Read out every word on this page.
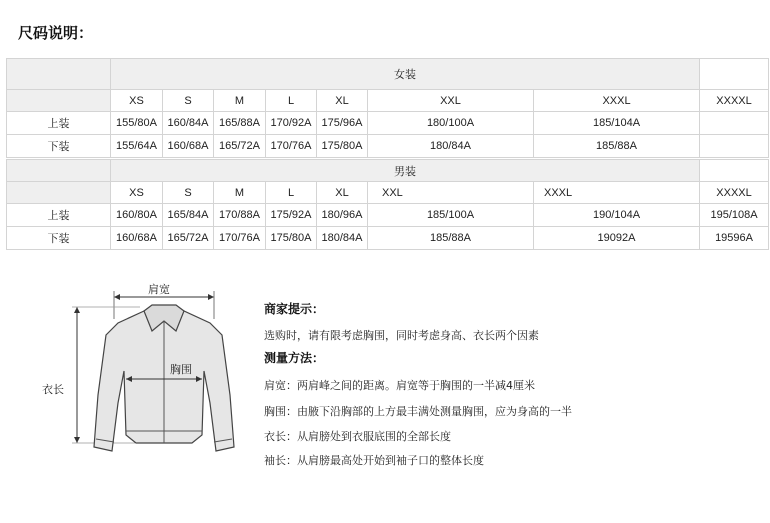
尺码说明：
	女装							
	XS	S	M	L	XL	XXL	XXXL	XXXXL
上装	155/80A	160/84A	165/88A	170/92A	175/96A	180/100A	185/104A	
下装	155/64A	160/68A	165/72A	170/76A	175/80A	180/84A	185/88A	
	男装							
	XS	S	M	L	XL	XXL	XXXL	XXXXL
上装	160/80A	165/84A	170/88A	175/92A	180/96A	185/100A	190/104A	195/108A
下装	160/68A	165/72A	170/76A	175/80A	180/84A	185/88A	19092A	19596A
肩宽
胸围
衣长
商家提示：
选购时，请有限考虑胸围，同时考虑身高、衣长两个因素
测量方法：
肩宽：两肩峰之间的距离。肩宽等于胸围的一半减4厘米
胸围：由腋下沿胸部的上方最丰满处测量胸围，应为身高的一半
衣长：从肩膀处到衣服底围的全部长度
袖长：从肩膀最高处开始到袖子口的整体长度
